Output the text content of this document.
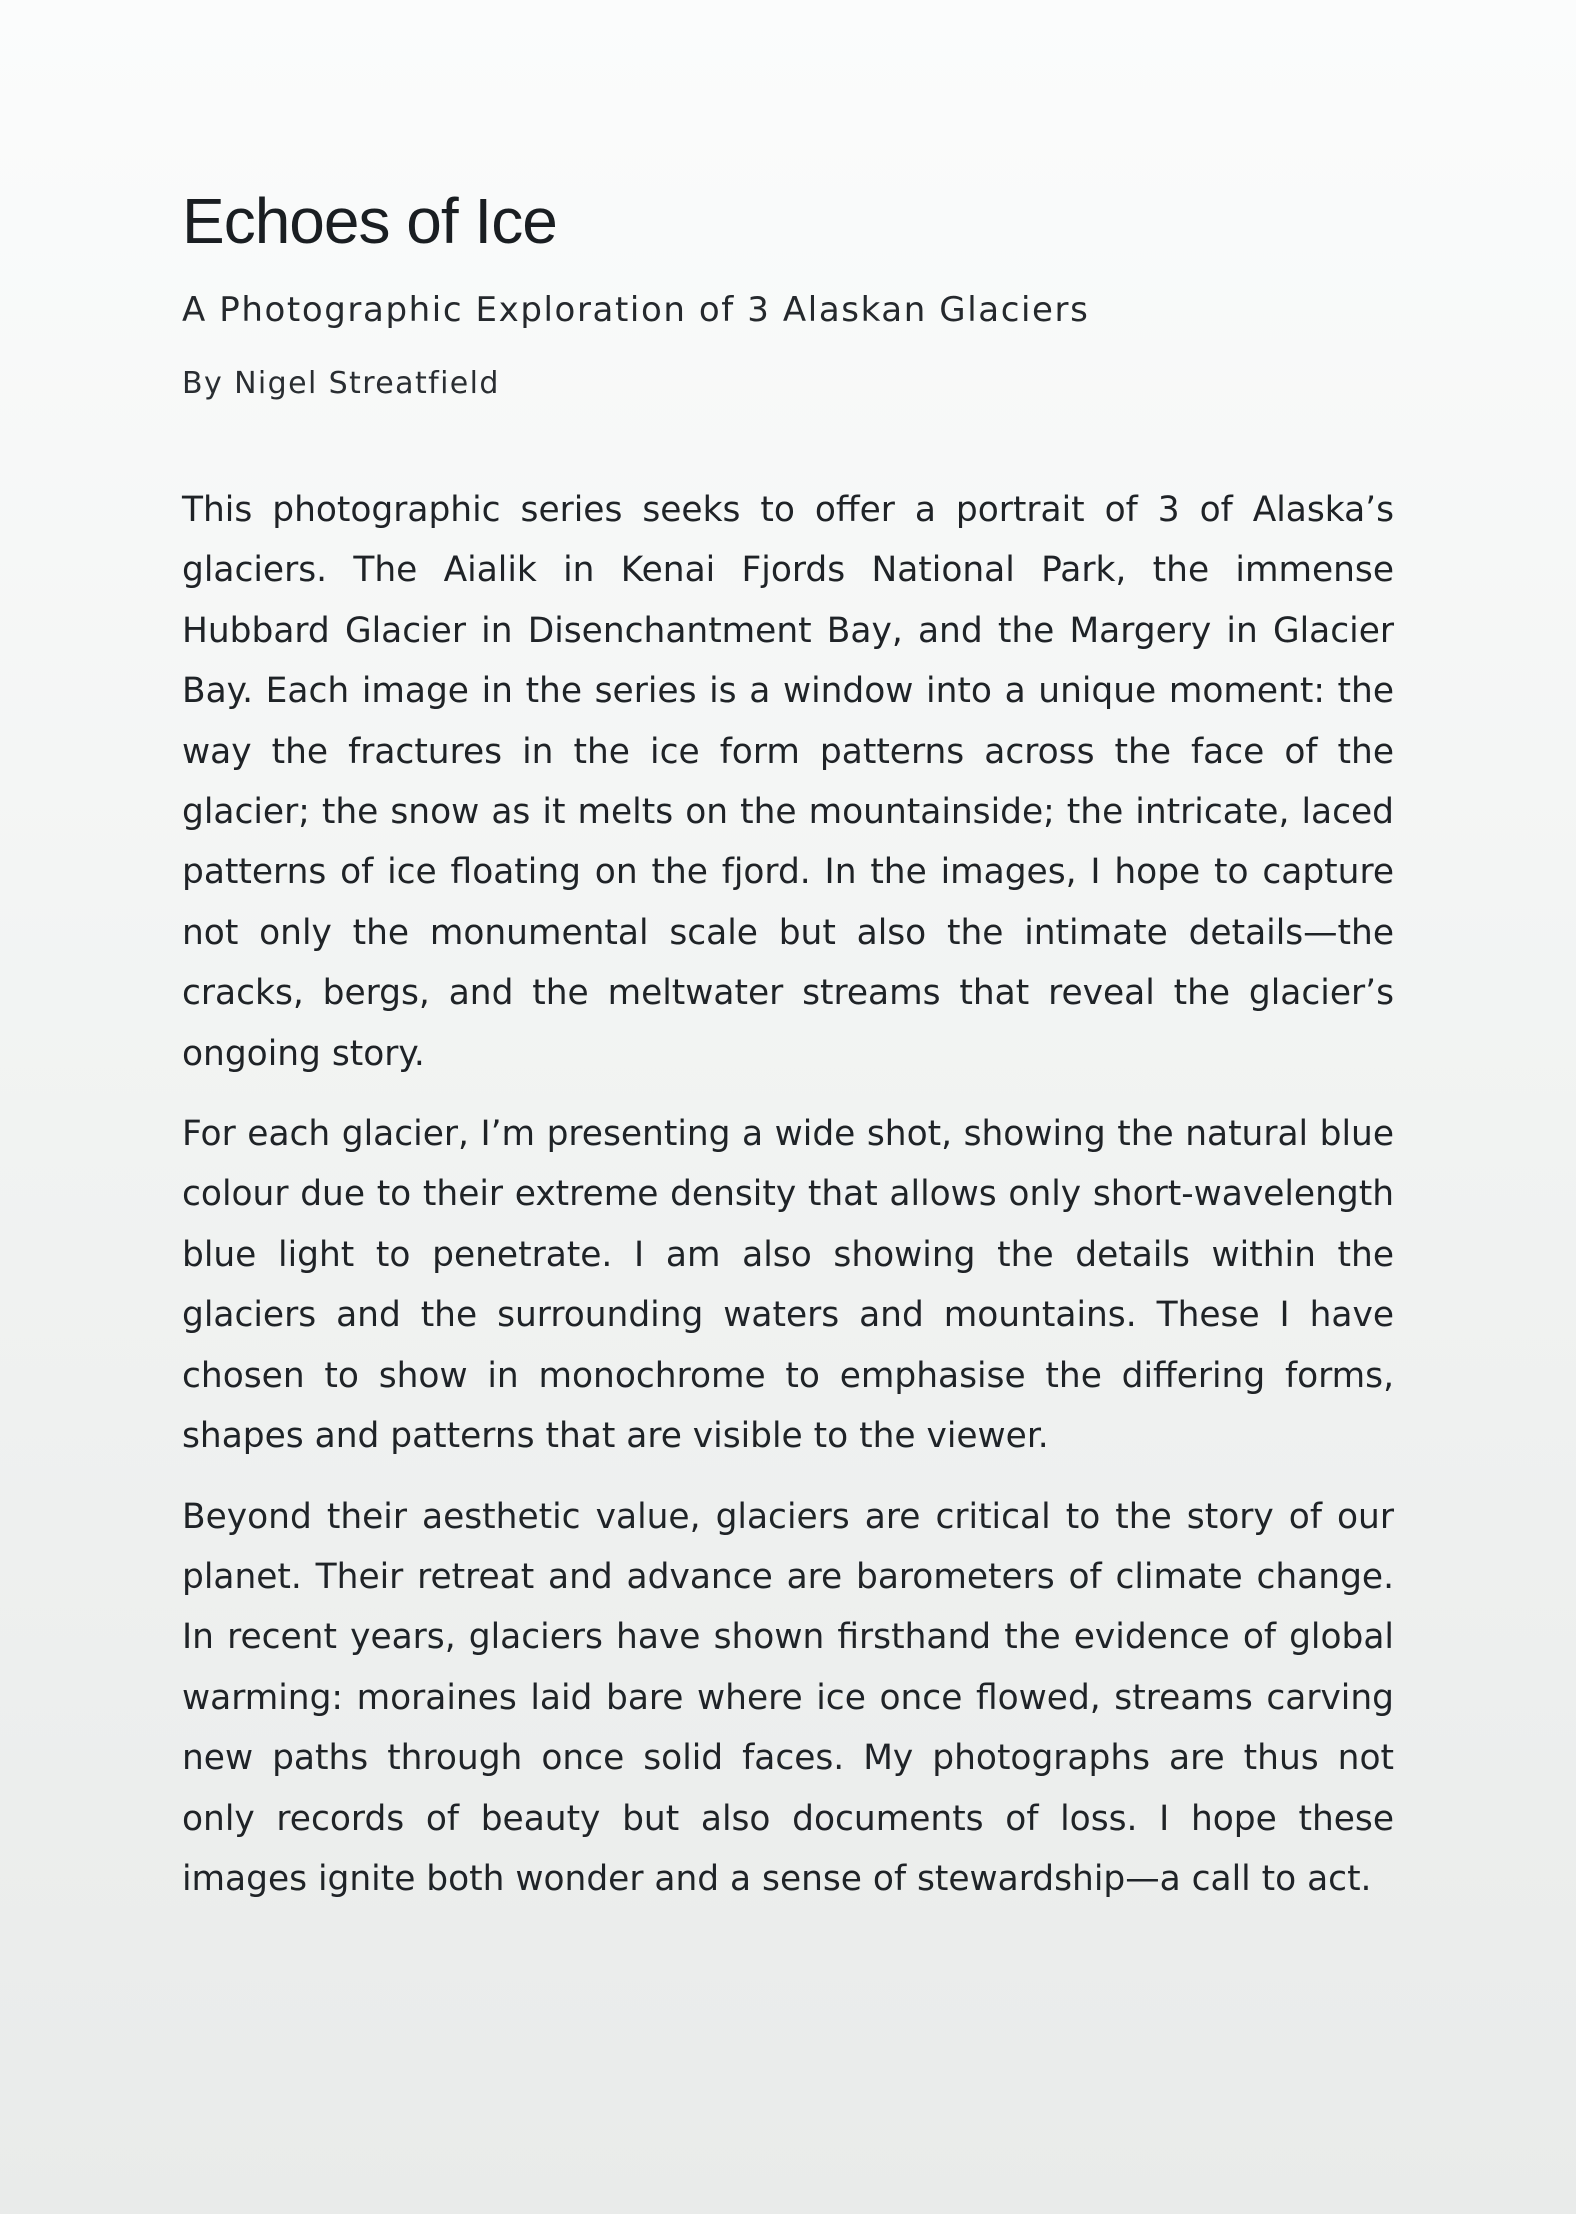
Echoes of Ice
A Photographic Exploration of 3 Alaskan Glaciers
By Nigel Streatfield

This photographic series seeks to offer a portrait of 3 of Alaska’s glaciers. The Aialik in Kenai Fjords National Park, the immense Hubbard Glacier in Disenchantment Bay, and the Margery in Glacier Bay. Each image in the series is a window into a unique moment: the way the fractures in the ice form patterns across the face of the glacier; the snow as it melts on the mountainside; the intricate, laced patterns of ice floating on the fjord. In the images, I hope to capture not only the monumental scale but also the intimate details—the cracks, bergs, and the meltwater streams that reveal the glacier’s ongoing story.

For each glacier, I’m presenting a wide shot, showing the natural blue colour due to their extreme density that allows only short-wavelength blue light to penetrate. I am also showing the details within the glaciers and the surrounding waters and mountains. These I have chosen to show in monochrome to emphasise the differing forms, shapes and patterns that are visible to the viewer.

Beyond their aesthetic value, glaciers are critical to the story of our planet. Their retreat and advance are barometers of climate change. In recent years, glaciers have shown firsthand the evidence of global warming: moraines laid bare where ice once flowed, streams carving new paths through once solid faces. My photographs are thus not only records of beauty but also documents of loss. I hope these images ignite both wonder and a sense of stewardship—a call to act.
